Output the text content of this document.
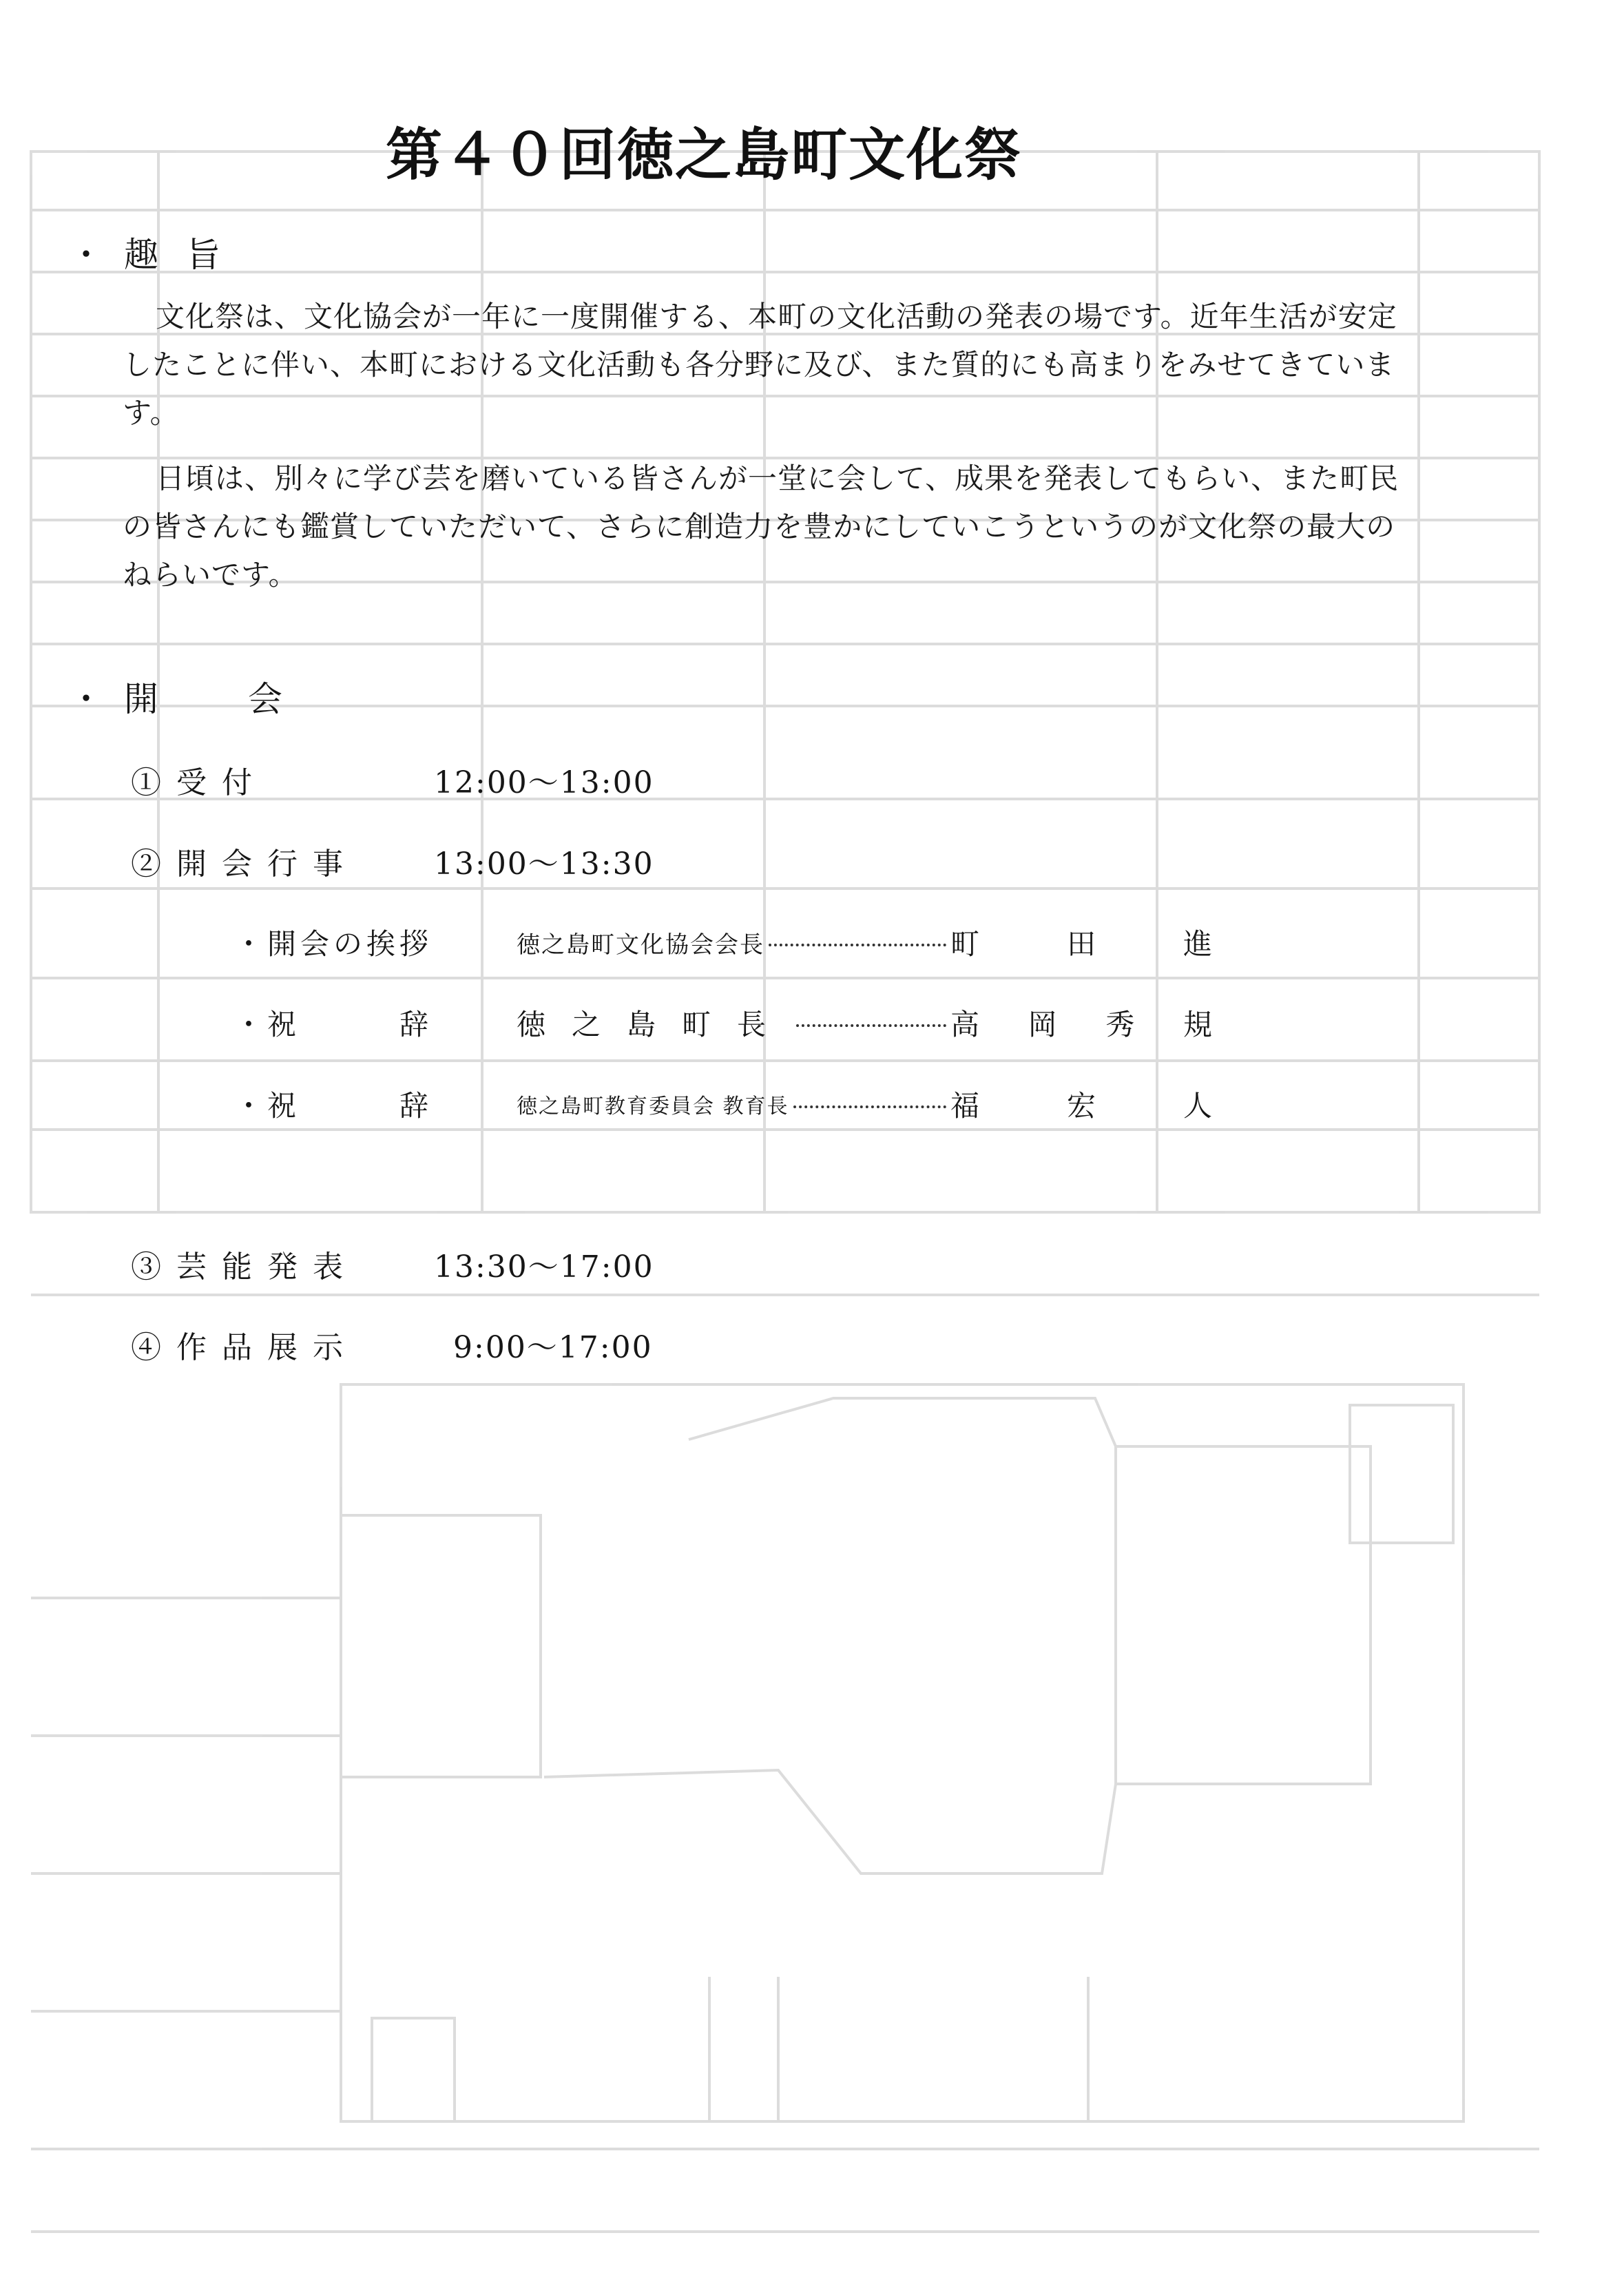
第４０回徳之島町文化祭
・ 趣旨
文化祭は、文化協会が一年に一度開催する、本町の文化活動の発表の場です。近年生活が安定したことに伴い、本町における文化活動も各分野に及び、また質的にも高まりをみせてきています。
日頃は、別々に学び芸を磨いている皆さんが一堂に会して、成果を発表してもらい、また町民の皆さんにも鑑賞していただいて、さらに創造力を豊かにしていこうというのが文化祭の最大のねらいです。
・ 開会
①受付	12:00～13:00
②開会行事	13:00～13:30
・開会の挨拶	徳之島町文化協会会長	町	田	進
・祝　　　辞	徳之島町長	高 岡 秀 規
・祝　　　辞	徳之島町教育委員会 教育長	福	宏	人
③芸能発表	13:30～17:00
④作品展示	9:00～17:00
